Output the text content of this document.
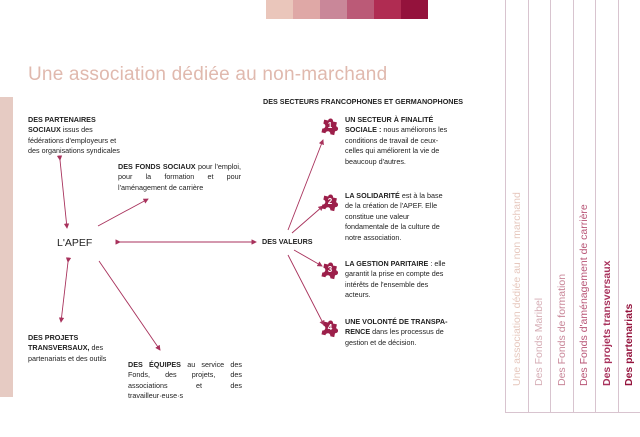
Une association dédiée au non-marchand
DES SECTEURS FRANCOPHONES ET GERMANOPHONES
DES PARTENAIRES SOCIAUX issus des fédérations d'employeurs et des organisations syndicales
DES FONDS SOCIAUX pour l'emploi, pour la formation et pour l'aménagement de carrière
L'APEF	DES VALEURS
DES PROJETS TRANSVERSAUX, des partenariats et des outils
DES ÉQUIPES au service des Fonds, des projets, des associations et des travailleur·euse·s
1
UN SECTEUR À FINALITÉ SOCIALE : nous améliorons les conditions de travail de ceux-celles qui améliorent la vie de beaucoup d'autres.
2
LA SOLIDARITÉ est à la base de la création de l'APEF. Elle constitue une valeur fondamentale de la culture de notre association.
3
LA GESTION PARITAIRE : elle garantit la prise en compte des intérêts de l'ensemble des acteurs.
4
UNE VOLONTÉ DE TRANSPARENCE dans les processus de gestion et de décision.	Une association dédiée au non marchand Des Fonds Maribel Des Fonds de formation Des Fonds d'aménagement de carrière Des projets transversaux Des partenariats
